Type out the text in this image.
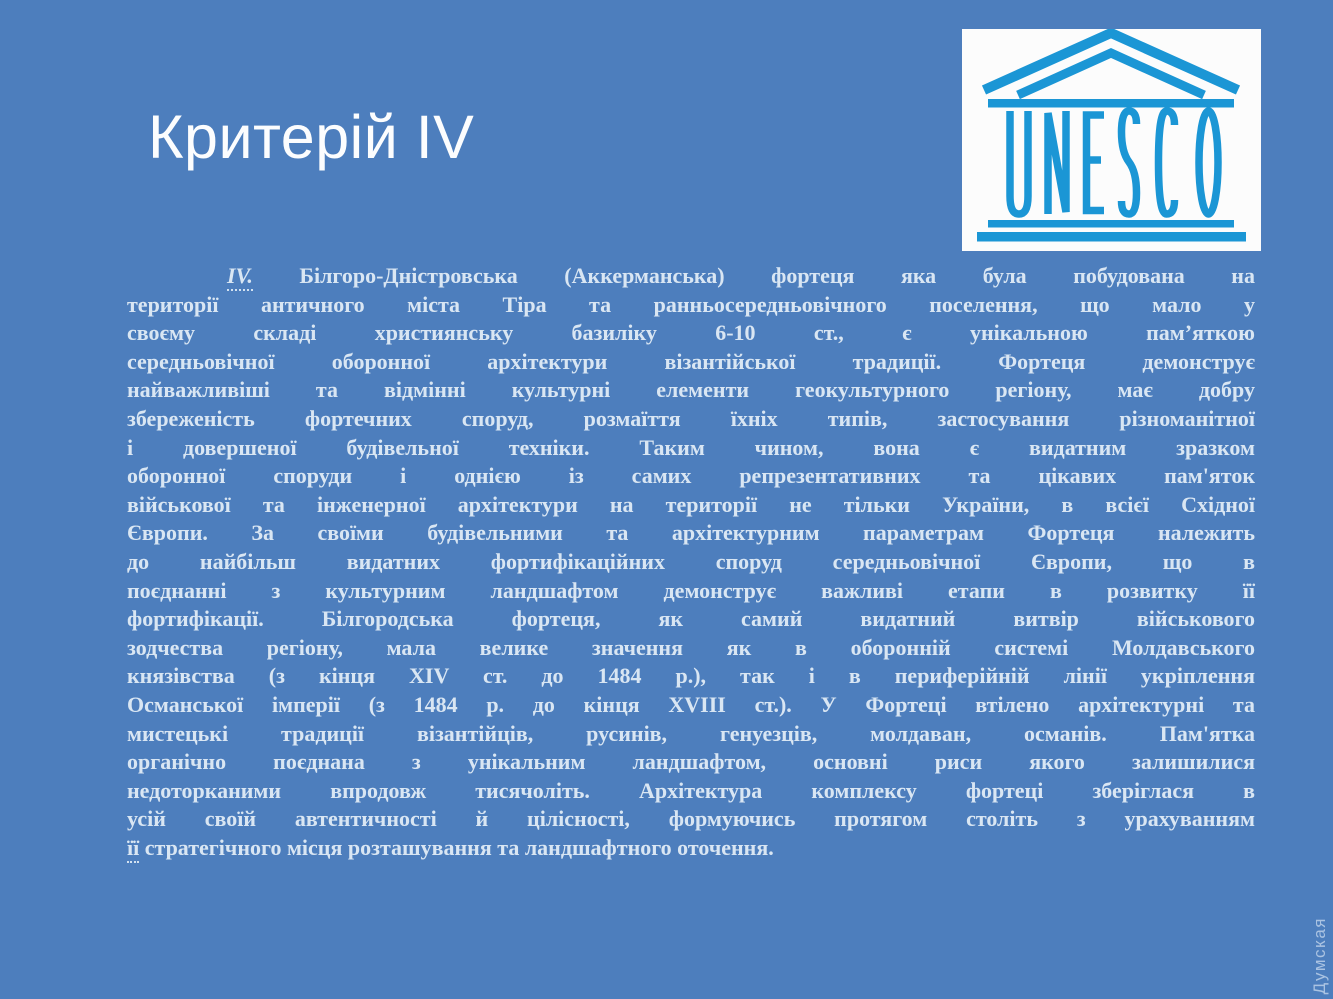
Критерій IV
IV. Білгоро-Дністровська (Аккерманська) фортеця яка була побудована на
території античного міста Тіра та ранньосередньовічного поселення, що мало у
своєму складі християнську базиліку 6-10 ст., є унікальною пам’яткою
середньовічної оборонної архітектури візантійської традиції. Фортеця демонструє
найважливіші та відмінні культурні елементи геокультурного регіону, має добру
збереженість фортечних споруд, розмаїття їхніх типів, застосування різноманітної
і довершеної будівельної техніки. Таким чином, вона є видатним зразком
оборонної споруди і однією із самих репрезентативних та цікавих пам'яток
військової та інженерної архітектури на території не тільки України, в всієї Східної
Європи. За своїми будівельними та архітектурним параметрам Фортеця належить
до найбільш видатних фортифікаційних споруд середньовічної Європи, що в
поєднанні з культурним ландшафтом демонструє важливі етапи в розвитку її
фортифікації. Білгородська фортеця, як самий видатний витвір військового
зодчества регіону, мала велике значення як в оборонній системі Молдавського
князівства (з кінця XIV ст. до 1484 р.), так і в периферійній лінії укріплення
Османської імперії (з 1484 р. до кінця XVIII ст.). У Фортеці втілено архітектурні та
мистецькі традиції візантійців, русинів, генуезців, молдаван, османів. Пам'ятка
органічно поєднана з унікальним ландшафтом, основні риси якого залишилися
недоторканими впродовж тисячоліть. Архітектура комплексу фортеці зберіглася в
усій своїй автентичності й цілісності, формуючись протягом століть з урахуванням
її стратегічного місця розташування та ландшафтного оточення.
Думская
